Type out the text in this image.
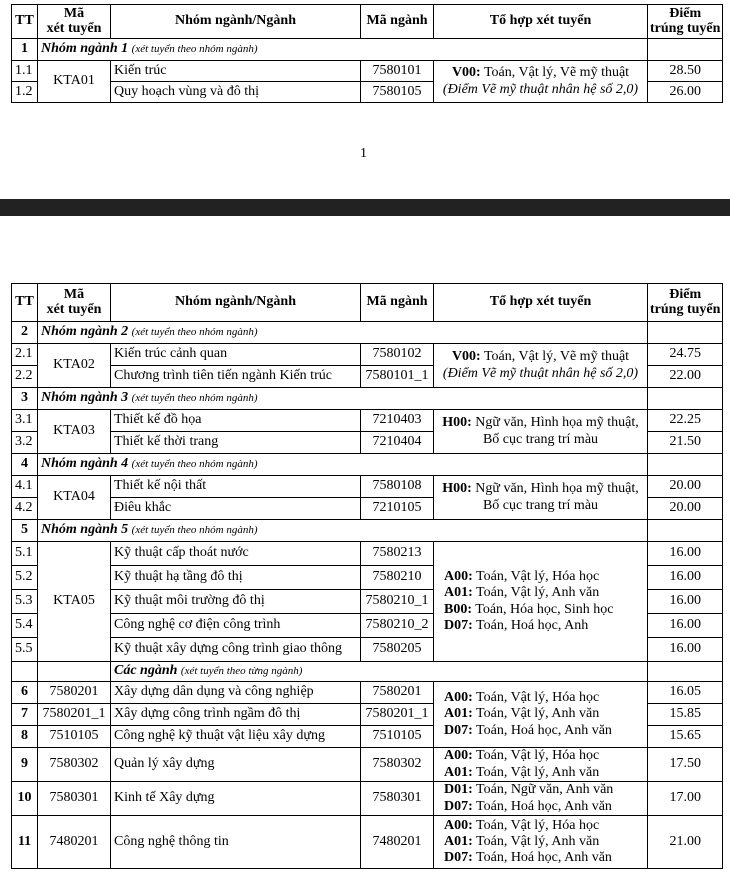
TT	Mã
xét tuyển	Nhóm ngành/Ngành	Mã ngành	Tổ hợp xét tuyển	Điểm
trúng tuyển
1	Nhóm ngành 1 (xét tuyển theo nhóm ngành)				
1.1	KTA01	Kiến trúc	7580101	V00: Toán, Vật lý, Vẽ mỹ thuật
(Điểm Vẽ mỹ thuật nhân hệ số 2,0)	28.50
1.2		Quy hoạch vùng và đô thị	7580105		26.00
1
TT	Mã
xét tuyển	Nhóm ngành/Ngành	Mã ngành	Tổ hợp xét tuyển	Điểm
trúng tuyển
2	Nhóm ngành 2 (xét tuyển theo nhóm ngành)				
2.1	KTA02	Kiến trúc cảnh quan	7580102	V00: Toán, Vật lý, Vẽ mỹ thuật
(Điểm Vẽ mỹ thuật nhân hệ số 2,0)	24.75
2.2		Chương trình tiên tiến ngành Kiến trúc	7580101_1		22.00
3	Nhóm ngành 3 (xét tuyển theo nhóm ngành)				
3.1	KTA03	Thiết kế đồ họa	7210403	H00: Ngữ văn, Hình họa mỹ thuật,
Bố cục trang trí màu	22.25
3.2		Thiết kế thời trang	7210404		21.50
4	Nhóm ngành 4 (xét tuyển theo nhóm ngành)				
4.1	KTA04	Thiết kế nội thất	7580108	H00: Ngữ văn, Hình họa mỹ thuật,
Bố cục trang trí màu	20.00
4.2		Điêu khắc	7210105		20.00
5	Nhóm ngành 5 (xét tuyển theo nhóm ngành)				
5.1	KTA05	Kỹ thuật cấp thoát nước	7580213	A00: Toán, Vật lý, Hóa học
A01: Toán, Vật lý, Anh văn
B00: Toán, Hóa học, Sinh học
D07: Toán, Hoá học, Anh	16.00
5.2		Kỹ thuật hạ tầng đô thị	7580210		16.00
5.3		Kỹ thuật môi trường đô thị	7580210_1		16.00
5.4		Công nghệ cơ điện công trình	7580210_2		16.00
5.5		Kỹ thuật xây dựng công trình giao thông	7580205		16.00
		Các ngành (xét tuyển theo từng ngành)			
6	7580201	Xây dựng dân dụng và công nghiệp	7580201	A00: Toán, Vật lý, Hóa học
A01: Toán, Vật lý, Anh văn
D07: Toán, Hoá học, Anh văn	16.05
7	7580201_1	Xây dựng công trình ngầm đô thị	7580201_1		15.85
8	7510105	Công nghệ kỹ thuật vật liệu xây dựng	7510105		15.65
9	7580302	Quản lý xây dựng	7580302	A00: Toán, Vật lý, Hóa học
A01: Toán, Vật lý, Anh văn	17.50
10	7580301	Kinh tế Xây dựng	7580301	D01: Toán, Ngữ văn, Anh văn
D07: Toán, Hoá học, Anh văn	17.00
11	7480201	Công nghệ thông tin	7480201	A00: Toán, Vật lý, Hóa học
A01: Toán, Vật lý, Anh văn
D07: Toán, Hoá học, Anh văn	21.00
